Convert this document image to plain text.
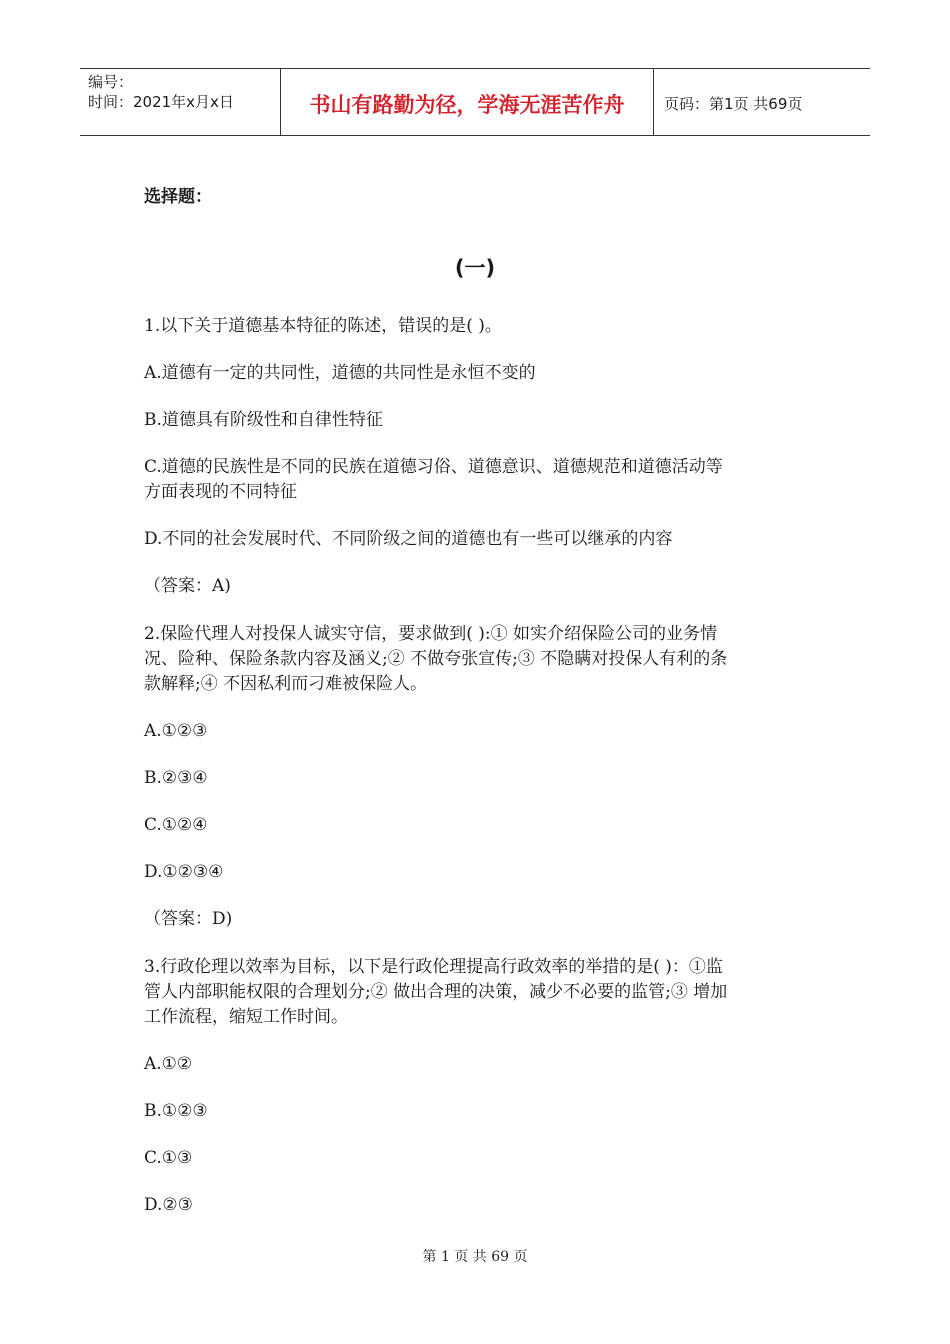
编号：
时间：2021年x月x日	书山有路勤为径，学海无涯苦作舟	页码：第1页 共69页
选择题：
(一)
1.以下关于道德基本特征的陈述，错误的是( )。
A.道德有一定的共同性，道德的共同性是永恒不变的
B.道德具有阶级性和自律性特征
C.道德的民族性是不同的民族在道德习俗、道德意识、道德规范和道德活动等
方面表现的不同特征
D.不同的社会发展时代、不同阶级之间的道德也有一些可以继承的内容
（答案：A)
2.保险代理人对投保人诚实守信，要求做到( ):① 如实介绍保险公司的业务情
况、险种、保险条款内容及涵义;② 不做夸张宣传;③ 不隐瞒对投保人有利的条
款解释;④ 不因私利而刁难被保险人。
A.①②③
B.②③④
C.①②④
D.①②③④
（答案：D)
3.行政伦理以效率为目标，以下是行政伦理提高行政效率的举措的是( )：①监
管人内部职能权限的合理划分;② 做出合理的决策，减少不必要的监管;③ 增加
工作流程，缩短工作时间。
A.①②
B.①②③
C.①③
D.②③
第 1 页 共 69 页
